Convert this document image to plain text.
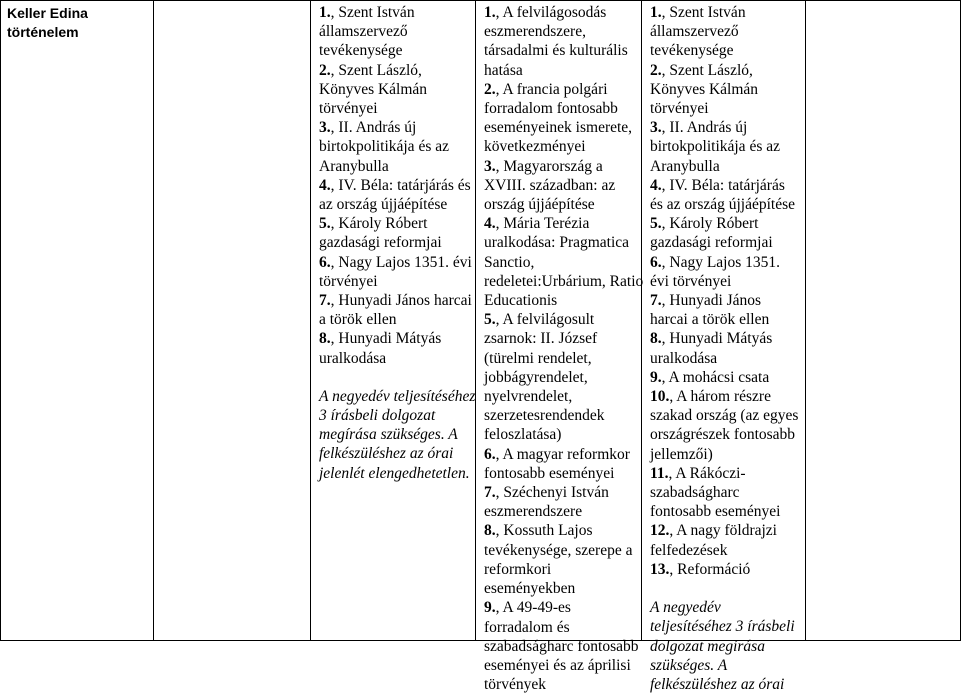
Keller Edina történelem
1., Szent István
államszervező
tevékenysége
2., Szent László,
Könyves Kálmán
törvényei
3., II. András új
birtokpolitikája és az
Aranybulla
4., IV. Béla: tatárjárás és
az ország újjáépítése
5., Károly Róbert
gazdasági reformjai
6., Nagy Lajos 1351. évi
törvényei
7., Hunyadi János harcai
a török ellen
8., Hunyadi Mátyás
uralkodása
A negyedév teljesítéséhez
3 írásbeli dolgozat
megírása szükséges. A
felkészüléshez az órai
jelenlét elengedhetetlen.
1., A felvilágosodás
eszmerendszere,
társadalmi és kulturális
hatása
2., A francia polgári
forradalom fontosabb
eseményeinek ismerete,
következményei
3., Magyarország a
XVIII. században: az
ország újjáépítése
4., Mária Terézia
uralkodása: Pragmatica
Sanctio,
redeletei:Urbárium, Ratio
Educationis
5., A felvilágosult
zsarnok: II. József
(türelmi rendelet,
jobbágyrendelet,
nyelvrendelet,
szerzetesrendendek
feloszlatása)
6., A magyar reformkor
fontosabb eseményei
7., Széchenyi István
eszmerendszere
8., Kossuth Lajos
tevékenysége, szerepe a
reformkori
eseményekben
9., A 49-49-es
forradalom és
szabadságharc fontosabb
eseményei és az áprilisi
törvények
1., Szent István
államszervező
tevékenysége
2., Szent László,
Könyves Kálmán
törvényei
3., II. András új
birtokpolitikája és az
Aranybulla
4., IV. Béla: tatárjárás
és az ország újjáépítése
5., Károly Róbert
gazdasági reformjai
6., Nagy Lajos 1351.
évi törvényei
7., Hunyadi János
harcai a török ellen
8., Hunyadi Mátyás
uralkodása
9., A mohácsi csata
10., A három részre
szakad ország (az egyes
országrészek fontosabb
jellemzői)
11., A Rákóczi-
szabadságharc
fontosabb eseményei
12., A nagy földrajzi
felfedezések
13., Reformáció
A negyedév
teljesítéséhez 3 írásbeli
dolgozat megírása
szükséges. A
felkészüléshez az órai
